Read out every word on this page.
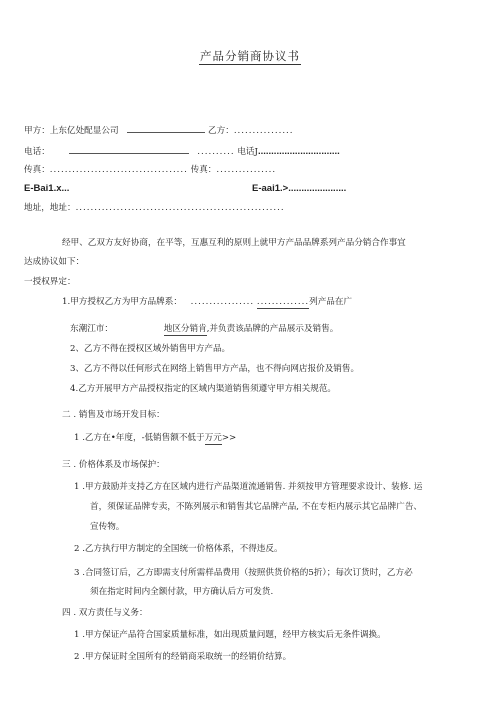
产品分销商协议书
甲方：上东亿处配显公司	乙方：................
电话：	.......... 电话J...............................
传真：..................................... 传真：................
E-Bai1.x...	E-aai1.>......................
地址，地址：........................................................
经甲、乙双方友好协商，在平等，互惠互利的原则上就甲方产品品牌系列产品分销合作事宜
达成协议如下：
一授权界定：
1.甲方授权乙方为甲方品牌系： ................. ..............列产品在广
东潮江市：	地区分销肯,并负责该品牌的产品展示及销售。
2、乙方不得在授权区域外销售甲方产品。
3、乙方不得以任何形式在网络上销售甲方产品，也不得向网店报价及销售。
4.乙方开展甲方产品授权指定的区域内渠道销售须遵守甲方相关规范。
二 . 销售及市场开发目标：
1 .乙方在•年度，-低销售额不低于万元>>
三 . 价格体系及市场保护：
1 .甲方鼓励并支持乙方在区域内进行产品渠道流通销售. 并须按甲方管理要求设计、装修. 运
首，须保证品牌专卖，不陈列展示和销售其它品牌产品, 不在专柜内展示其它品牌广告、
宣传物。
2 .乙方执行甲方制定的全国统一价格体系，不得违反。
3 .合同签订后，乙方即需支付所需样品费用（按照供货价格的5折）；每次订货时，乙方必
须在指定时间内全额付款，甲方确认后方可发货.
四 . 双方责任与义务：
1 .甲方保证产品符合国家质量标准，如出现质量问题，经甲方核实后无条件调换。
2 .甲方保证时全国所有的经销商采取统一的经销价结算。
